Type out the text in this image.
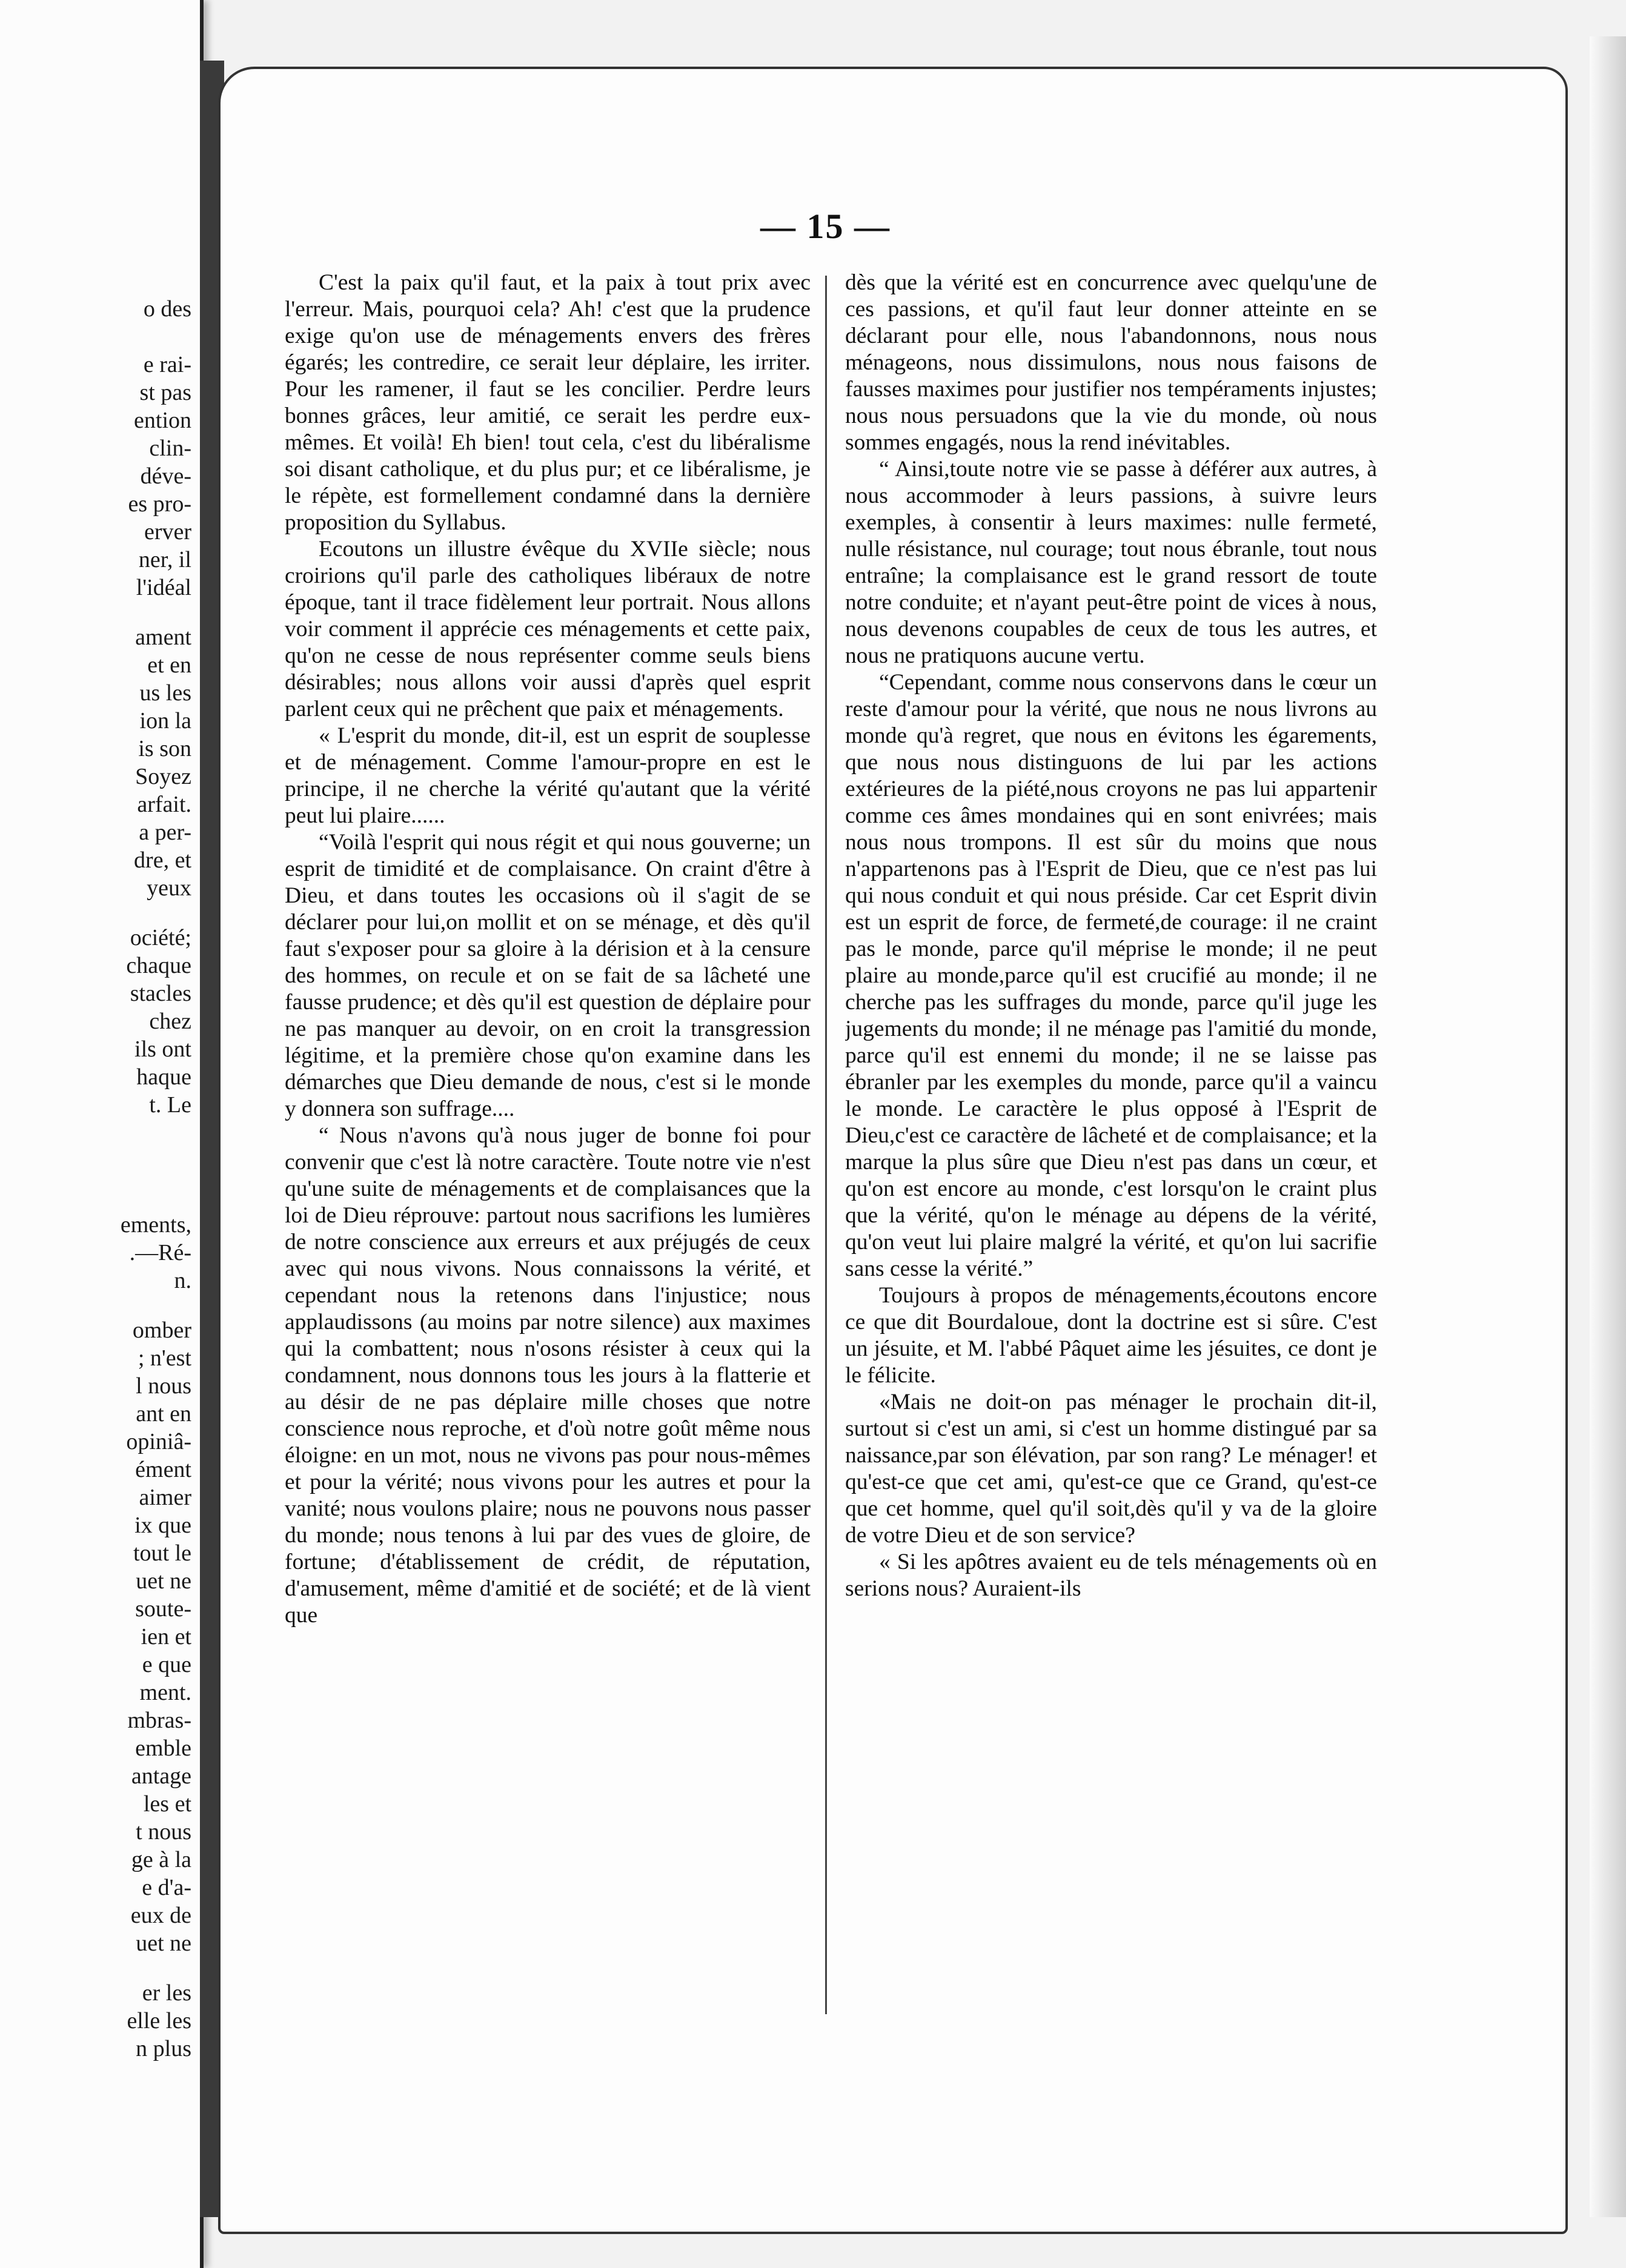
o des
e rai-
st pas
ention
clin-
déve-
es pro-
erver
ner, il
l'idéal
ament
et en
us les
ion la
is son
Soyez
arfait.
a per-
dre, et
yeux
ociété;
chaque
stacles
chez
ils ont
haque
t. Le
ements,
.—Ré-
n.
omber
; n'est
l nous
ant en
opiniâ-
ément
aimer
ix que
tout le
uet ne
soute-
ien et
e que
ment.
mbras-
emble
antage
les et
t nous
ge à la
e d'a-
eux de
uet ne
er les
elle les
n plus
— 15 —

C'est la paix qu'il faut, et la paix à tout prix avec l'erreur. Mais, pourquoi cela? Ah! c'est que la prudence exige qu'on use de ménagements envers des frères égarés; les contredire, ce serait leur déplaire, les irriter. Pour les ramener, il faut se les concilier. Perdre leurs bonnes grâces, leur amitié, ce serait les perdre eux-mêmes. Et voilà! Eh bien! tout cela, c'est du libéralisme soi disant catholique, et du plus pur; et ce libéralisme, je le répète, est formellement condamné dans la dernière proposition du Syllabus.

Ecoutons un illustre évêque du XVIIe siècle; nous croirions qu'il parle des catholiques libéraux de notre époque, tant il trace fidèlement leur portrait. Nous allons voir comment il apprécie ces ménagements et cette paix, qu'on ne cesse de nous représenter comme seuls biens désirables; nous allons voir aussi d'après quel esprit parlent ceux qui ne prêchent que paix et ménagements.

« L'esprit du monde, dit-il, est un esprit de souplesse et de ménagement. Comme l'amour-propre en est le principe, il ne cherche la vérité qu'autant que la vérité peut lui plaire......

“Voilà l'esprit qui nous régit et qui nous gouverne; un esprit de timidité et de complaisance. On craint d'être à Dieu, et dans toutes les occasions où il s'agit de se déclarer pour lui,on mollit et on se ménage, et dès qu'il faut s'exposer pour sa gloire à la dérision et à la censure des hommes, on recule et on se fait de sa lâcheté une fausse prudence; et dès qu'il est question de déplaire pour ne pas manquer au devoir, on en croit la transgression légitime, et la première chose qu'on examine dans les démarches que Dieu demande de nous, c'est si le monde y donnera son suffrage....

“ Nous n'avons qu'à nous juger de bonne foi pour convenir que c'est là notre caractère. Toute notre vie n'est qu'une suite de ménagements et de complaisances que la loi de Dieu réprouve: partout nous sacrifions les lumières de notre conscience aux erreurs et aux préjugés de ceux avec qui nous vivons. Nous connaissons la vérité, et cependant nous la retenons dans l'injustice; nous applaudissons (au moins par notre silence) aux maximes qui la combattent; nous n'osons résister à ceux qui la condamnent, nous donnons tous les jours à la flatterie et au désir de ne pas déplaire mille choses que notre conscience nous reproche, et d'où notre goût même nous éloigne: en un mot, nous ne vivons pas pour nous-mêmes et pour la vérité; nous vivons pour les autres et pour la vanité; nous voulons plaire; nous ne pouvons nous passer du monde; nous tenons à lui par des vues de gloire, de fortune; d'établissement de crédit, de réputation, d'amusement, même d'amitié et de société; et de là vient que

dès que la vérité est en concurrence avec quelqu'une de ces passions, et qu'il faut leur donner atteinte en se déclarant pour elle, nous l'abandonnons, nous nous ménageons, nous dissimulons, nous nous faisons de fausses maximes pour justifier nos tempéraments injustes; nous nous persuadons que la vie du monde, où nous sommes engagés, nous la rend inévitables.

“ Ainsi,toute notre vie se passe à déférer aux autres, à nous accommoder à leurs passions, à suivre leurs exemples, à consentir à leurs maximes: nulle fermeté, nulle résistance, nul courage; tout nous ébranle, tout nous entraîne; la complaisance est le grand ressort de toute notre conduite; et n'ayant peut-être point de vices à nous, nous devenons coupables de ceux de tous les autres, et nous ne pratiquons aucune vertu.

“Cependant, comme nous conservons dans le cœur un reste d'amour pour la vérité, que nous ne nous livrons au monde qu'à regret, que nous en évitons les égarements, que nous nous distinguons de lui par les actions extérieures de la piété,nous croyons ne pas lui appartenir comme ces âmes mondaines qui en sont enivrées; mais nous nous trompons. Il est sûr du moins que nous n'appartenons pas à l'Esprit de Dieu, que ce n'est pas lui qui nous conduit et qui nous préside. Car cet Esprit divin est un esprit de force, de fermeté,de courage: il ne craint pas le monde, parce qu'il méprise le monde; il ne peut plaire au monde,parce qu'il est crucifié au monde; il ne cherche pas les suffrages du monde, parce qu'il juge les jugements du monde; il ne ménage pas l'amitié du monde, parce qu'il est ennemi du monde; il ne se laisse pas ébranler par les exemples du monde, parce qu'il a vaincu le monde. Le caractère le plus opposé à l'Esprit de Dieu,c'est ce caractère de lâcheté et de complaisance; et la marque la plus sûre que Dieu n'est pas dans un cœur, et qu'on est encore au monde, c'est lorsqu'on le craint plus que la vérité, qu'on le ménage au dépens de la vérité, qu'on veut lui plaire malgré la vérité, et qu'on lui sacrifie sans cesse la vérité.”

Toujours à propos de ménagements,écoutons encore ce que dit Bourdaloue, dont la doctrine est si sûre. C'est un jésuite, et M. l'abbé Pâquet aime les jésuites, ce dont je le félicite.

«Mais ne doit-on pas ménager le prochain dit-il, surtout si c'est un ami, si c'est un homme distingué par sa naissance,par son élévation, par son rang? Le ménager! et qu'est-ce que cet ami, qu'est-ce que ce Grand, qu'est-ce que cet homme, quel qu'il soit,dès qu'il y va de la gloire de votre Dieu et de son service?

« Si les apôtres avaient eu de tels ménagements où en serions nous? Auraient-ils
